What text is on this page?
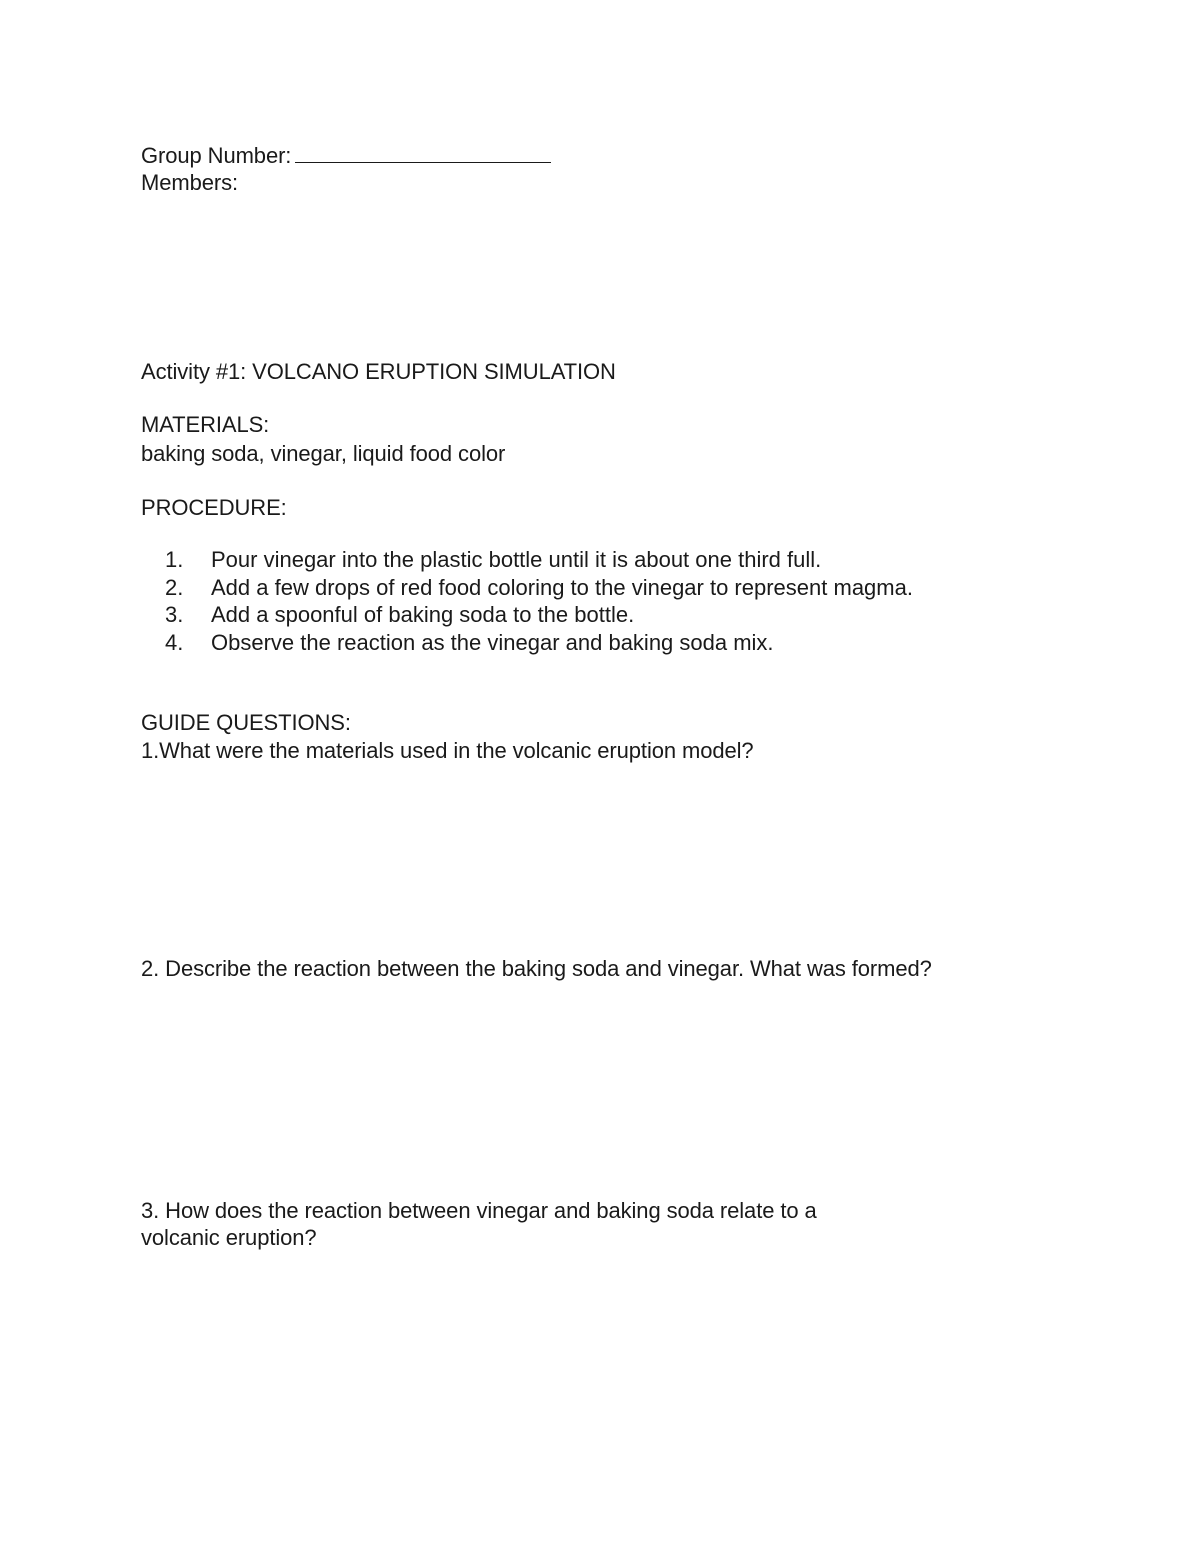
Group Number:
Members:
Activity #1: VOLCANO ERUPTION SIMULATION
MATERIALS:
baking soda, vinegar, liquid food color
PROCEDURE:
1.	Pour vinegar into the plastic bottle until it is about one third full.
2.	Add a few drops of red food coloring to the vinegar to represent magma.
3.	Add a spoonful of baking soda to the bottle.
4.	Observe the reaction as the vinegar and baking soda mix.
GUIDE QUESTIONS:
1.What were the materials used in the volcanic eruption model?
2. Describe the reaction between the baking soda and vinegar. What was formed?
3. How does the reaction between vinegar and baking soda relate to a
volcanic eruption?
